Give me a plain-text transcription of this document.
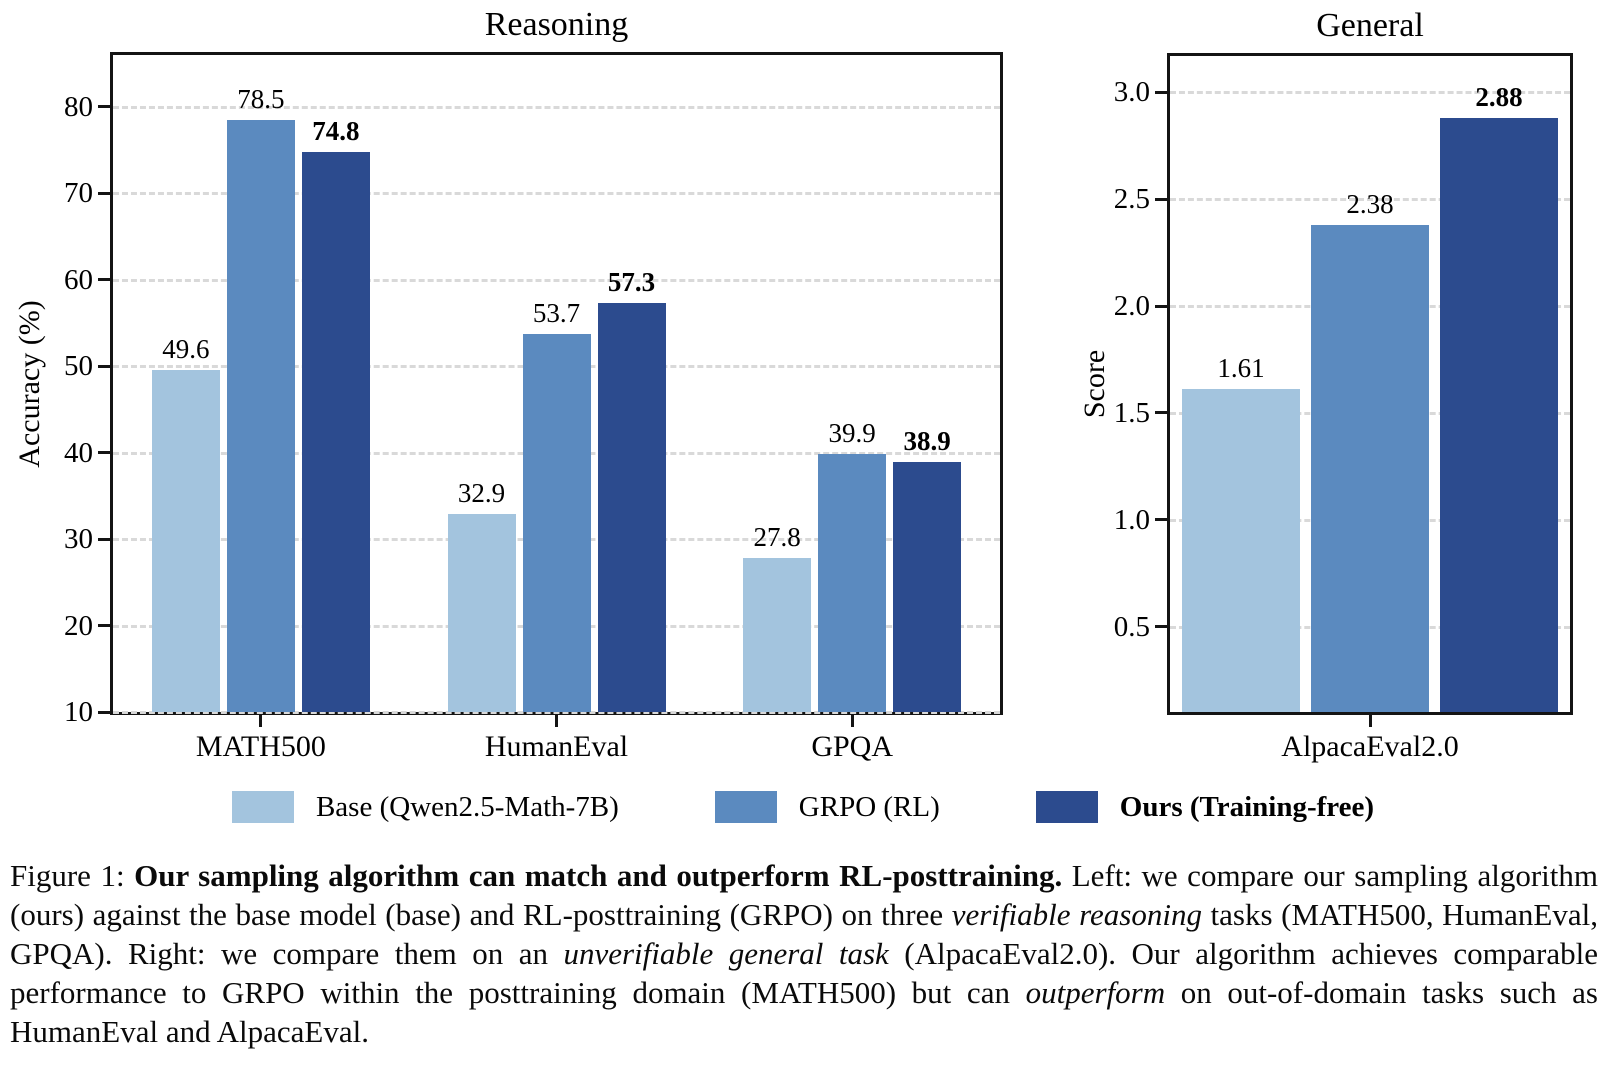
Base (Qwen2.5-Math-7B)	GRPO (RL)	Ours (Training-free)
Figure 1: Our sampling algorithm can match and outperform RL-posttraining. Left: we compare our sampling algorithm (ours) against the base model (base) and RL-posttraining (GRPO) on three verifiable reasoning tasks (MATH500, HumanEval, GPQA). Right: we compare them on an unverifiable general task (AlpacaEval2.0). Our algorithm achieves comparable performance to GRPO within the posttraining domain (MATH500) but can outperform on out-of-domain tasks such as HumanEval and AlpacaEval.
Reasoning
Accuracy (%)	49.6
78.5
74.8
32.9
53.7
57.3
27.8
39.9	38.9
10
20
30
40
50
60
70
80
MATH500	HumanEval	GPQA
General
Score	1.61
2.38
2.88
0.5
1.0
1.5
2.0
2.5
3.0
AlpacaEval2.0
